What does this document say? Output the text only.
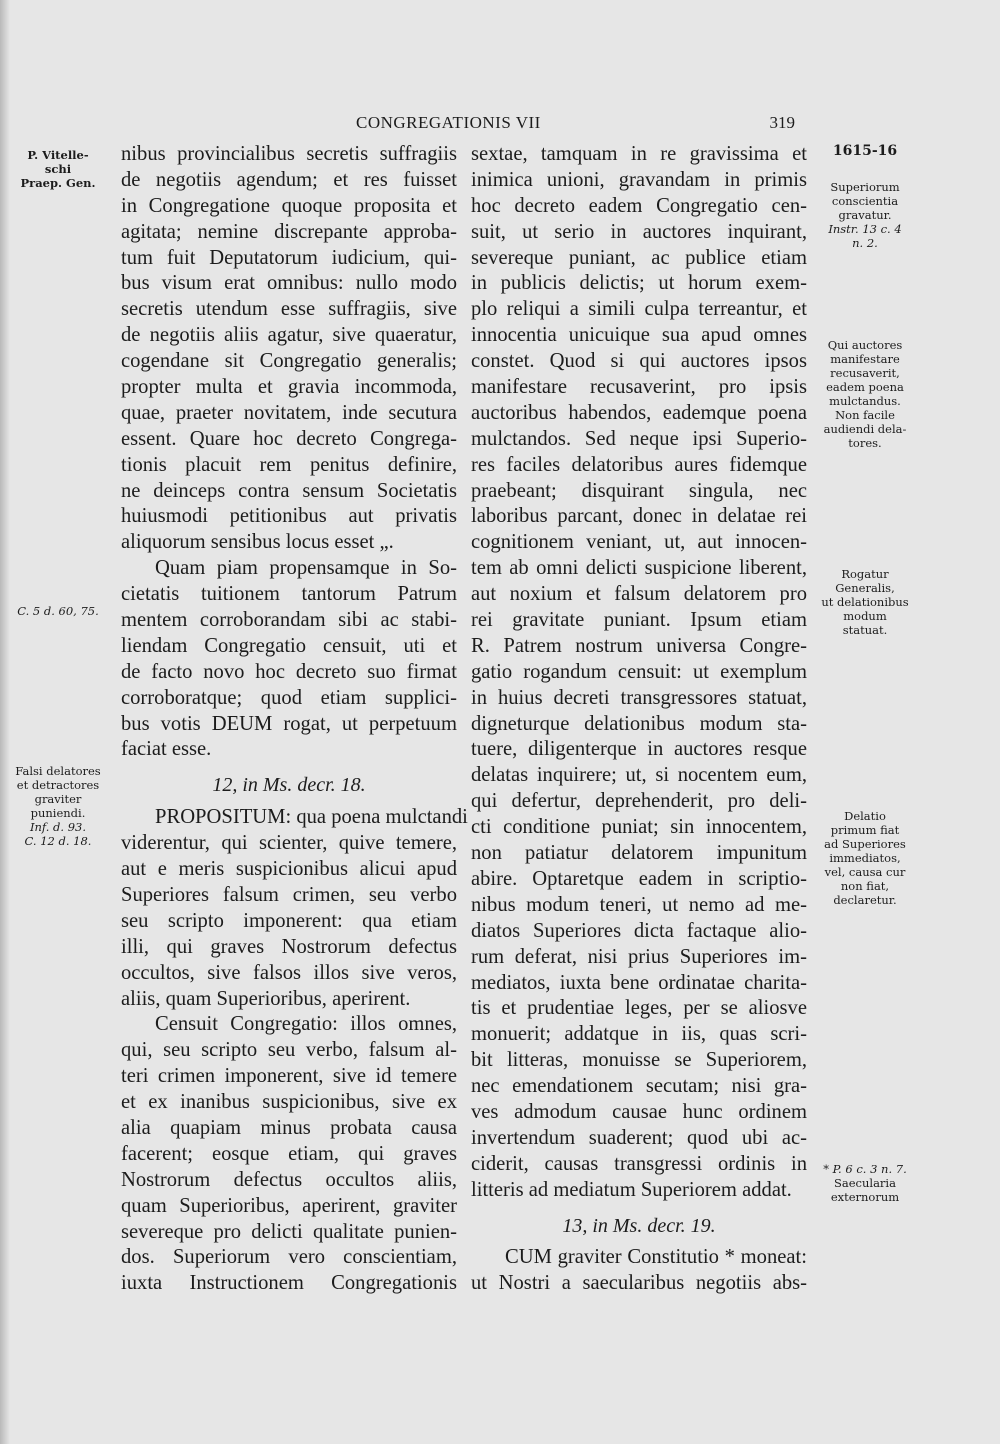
CONGREGATIONIS VII	319
P. Vitelle-
schi
Praep. Gen.
C. 5 d. 60, 75.
Falsi delatores
et detractores
graviter
puniendi.
Inf. d. 93.
C. 12 d. 18.
1615-16
Superiorum
conscientia
gravatur.
Instr. 13 c. 4
n. 2.
Qui auctores
manifestare
recusaverit,
eadem poena
mulctandus.
Non facile
audiendi dela-
tores.
Rogatur
Generalis,
ut delationibus
modum
statuat.
Delatio
primum fiat
ad Superiores
immediatos,
vel, causa cur
non fiat,
declaretur.
* P. 6 c. 3 n. 7.
Saecularia
externorum
nibus provincialibus secretis suffragiis
de negotiis agendum; et res fuisset
in Congregatione quoque proposita et
agitata; nemine discrepante approba-
tum fuit Deputatorum iudicium, qui-
bus visum erat omnibus: nullo modo
secretis utendum esse suffragiis, sive
de negotiis aliis agatur, sive quaeratur,
cogendane sit Congregatio generalis;
propter multa et gravia incommoda,
quae, praeter novitatem, inde secutura
essent. Quare hoc decreto Congrega-
tionis placuit rem penitus definire,
ne deinceps contra sensum Societatis
huiusmodi petitionibus aut privatis
aliquorum sensibus locus esset „.
Quam piam propensamque in So-
cietatis tuitionem tantorum Patrum
mentem corroborandam sibi ac stabi-
liendam Congregatio censuit, uti et
de facto novo hoc decreto suo firmat
corroboratque; quod etiam supplici-
bus votis DEUM rogat, ut perpetuum
faciat esse.
12, in Ms. decr. 18.
PROPOSITUM: qua poena mulctandi
viderentur, qui scienter, quive temere,
aut e meris suspicionibus alicui apud
Superiores falsum crimen, seu verbo
seu scripto imponerent: qua etiam
illi, qui graves Nostrorum defectus
occultos, sive falsos illos sive veros,
aliis, quam Superioribus, aperirent.
Censuit Congregatio: illos omnes,
qui, seu scripto seu verbo, falsum al-
teri crimen imponerent, sive id temere
et ex inanibus suspicionibus, sive ex
alia quapiam minus probata causa
facerent; eosque etiam, qui graves
Nostrorum defectus occultos aliis,
quam Superioribus, aperirent, graviter
severeque pro delicti qualitate punien-
dos. Superiorum vero conscientiam,
iuxta Instructionem Congregationis
sextae, tamquam in re gravissima et
inimica unioni, gravandam in primis
hoc decreto eadem Congregatio cen-
suit, ut serio in auctores inquirant,
severeque puniant, ac publice etiam
in publicis delictis; ut horum exem-
plo reliqui a simili culpa terreantur, et
innocentia unicuique sua apud omnes
constet. Quod si qui auctores ipsos
manifestare recusaverint, pro ipsis
auctoribus habendos, eademque poena
mulctandos. Sed neque ipsi Superio-
res faciles delatoribus aures fidemque
praebeant; disquirant singula, nec
laboribus parcant, donec in delatae rei
cognitionem veniant, ut, aut innocen-
tem ab omni delicti suspicione liberent,
aut noxium et falsum delatorem pro
rei gravitate puniant. Ipsum etiam
R. Patrem nostrum universa Congre-
gatio rogandum censuit: ut exemplum
in huius decreti transgressores statuat,
digneturque delationibus modum sta-
tuere, diligenterque in auctores resque
delatas inquirere; ut, si nocentem eum,
qui defertur, deprehenderit, pro deli-
cti conditione puniat; sin innocentem,
non patiatur delatorem impunitum
abire. Optaretque eadem in scriptio-
nibus modum teneri, ut nemo ad me-
diatos Superiores dicta factaque alio-
rum deferat, nisi prius Superiores im-
mediatos, iuxta bene ordinatae charita-
tis et prudentiae leges, per se aliosve
monuerit; addatque in iis, quas scri-
bit litteras, monuisse se Superiorem,
nec emendationem secutam; nisi gra-
ves admodum causae hunc ordinem
invertendum suaderent; quod ubi ac-
ciderit, causas transgressi ordinis in
litteris ad mediatum Superiorem addat.
13, in Ms. decr. 19.
CUM graviter Constitutio * moneat:
ut Nostri a saecularibus negotiis abs-
